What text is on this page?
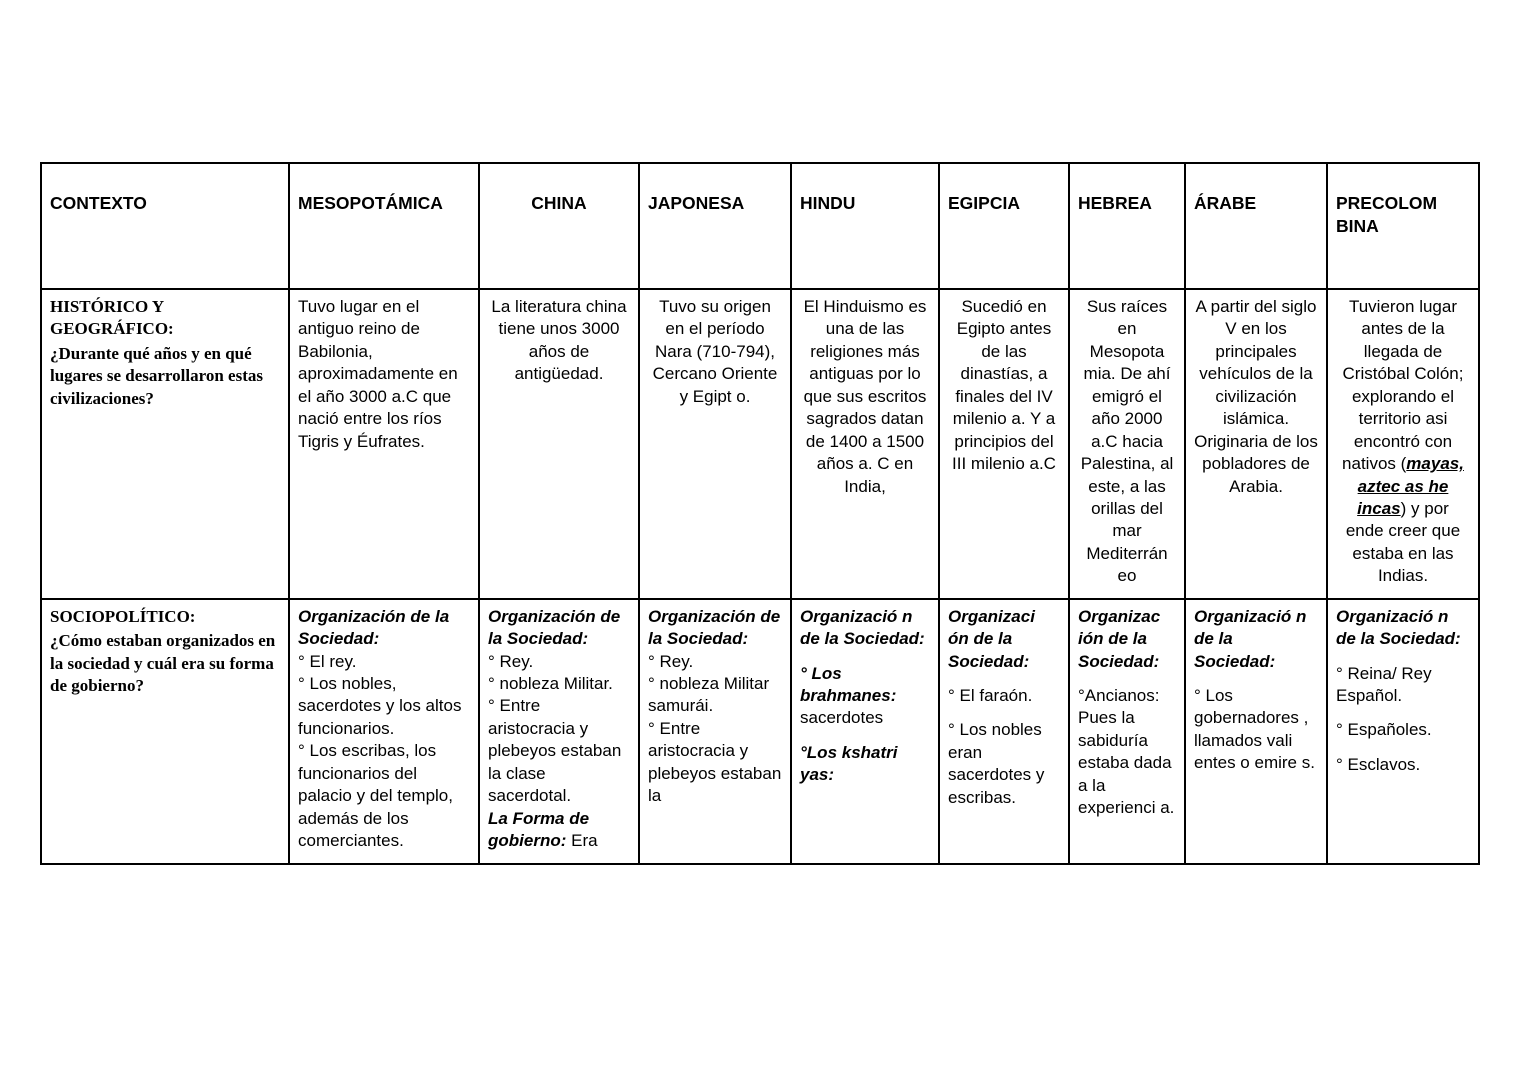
CONTEXTO	MESOPOTÁMICA	CHINA	JAPONESA	HINDU	EGIPCIA	HEBREA	ÁRABE	PRECOLOM BINA

HISTÓRICO Y GEOGRÁFICO:
¿Durante qué años y en qué lugares se desarrollaron estas civilizaciones?	Tuvo lugar en el antiguo reino de Babilonia, aproximadamente en el año 3000 a.C que nació entre los ríos Tigris y Éufrates.	La literatura china tiene unos 3000 años de antigüedad.	Tuvo su origen en el período Nara (710-794), Cercano Oriente y Egipt o.	El Hinduismo es una de las religiones más antiguas por lo que sus escritos sagrados datan de 1400 a 1500 años a. C en India,	Sucedió en Egipto antes de las dinastías, a finales del IV milenio a. Y a principios del III milenio a.C	Sus raíces en Mesopota mia. De ahí emigró el año 2000 a.C hacia Palestina, al este, a las orillas del mar Mediterrán eo	A partir del siglo V en los principales vehículos de la civilización islámica. Originaria de los pobladores de Arabia.	Tuvieron lugar antes de la llegada de Cristóbal Colón; explorando el territorio asi encontró con nativos (mayas, aztec as he incas) y por ende creer que estaba en las Indias.

SOCIOPOLÍTICO:
¿Cómo estaban organizados en la sociedad y cuál era su forma de gobierno?	Organización de la Sociedad:
° El rey.
° Los nobles, sacerdotes y los altos funcionarios.
° Los escribas, los funcionarios del palacio y del templo, además de los comerciantes.	Organización de la Sociedad:
° Rey.
° nobleza Militar.
° Entre aristocracia y plebeyos estaban la clase sacerdotal.
La Forma de gobierno: Era	Organización de la Sociedad:
° Rey.
° nobleza Militar samurái.
° Entre aristocracia y plebeyos estaban la	Organizació n de la Sociedad:
° Los brahmanes: sacerdotes
°Los kshatri yas:	Organizaci ón de la Sociedad:
° El faraón.
° Los nobles eran sacerdotes y escribas.	Organizac ión de la Sociedad:
°Ancianos: Pues la sabiduría estaba dada a la experienci a.	Organizació n de la Sociedad:
° Los gobernadores , llamados vali entes o emire s.	Organizació n de la Sociedad:
° Reina/ Rey Español.
° Españoles.
° Esclavos.
